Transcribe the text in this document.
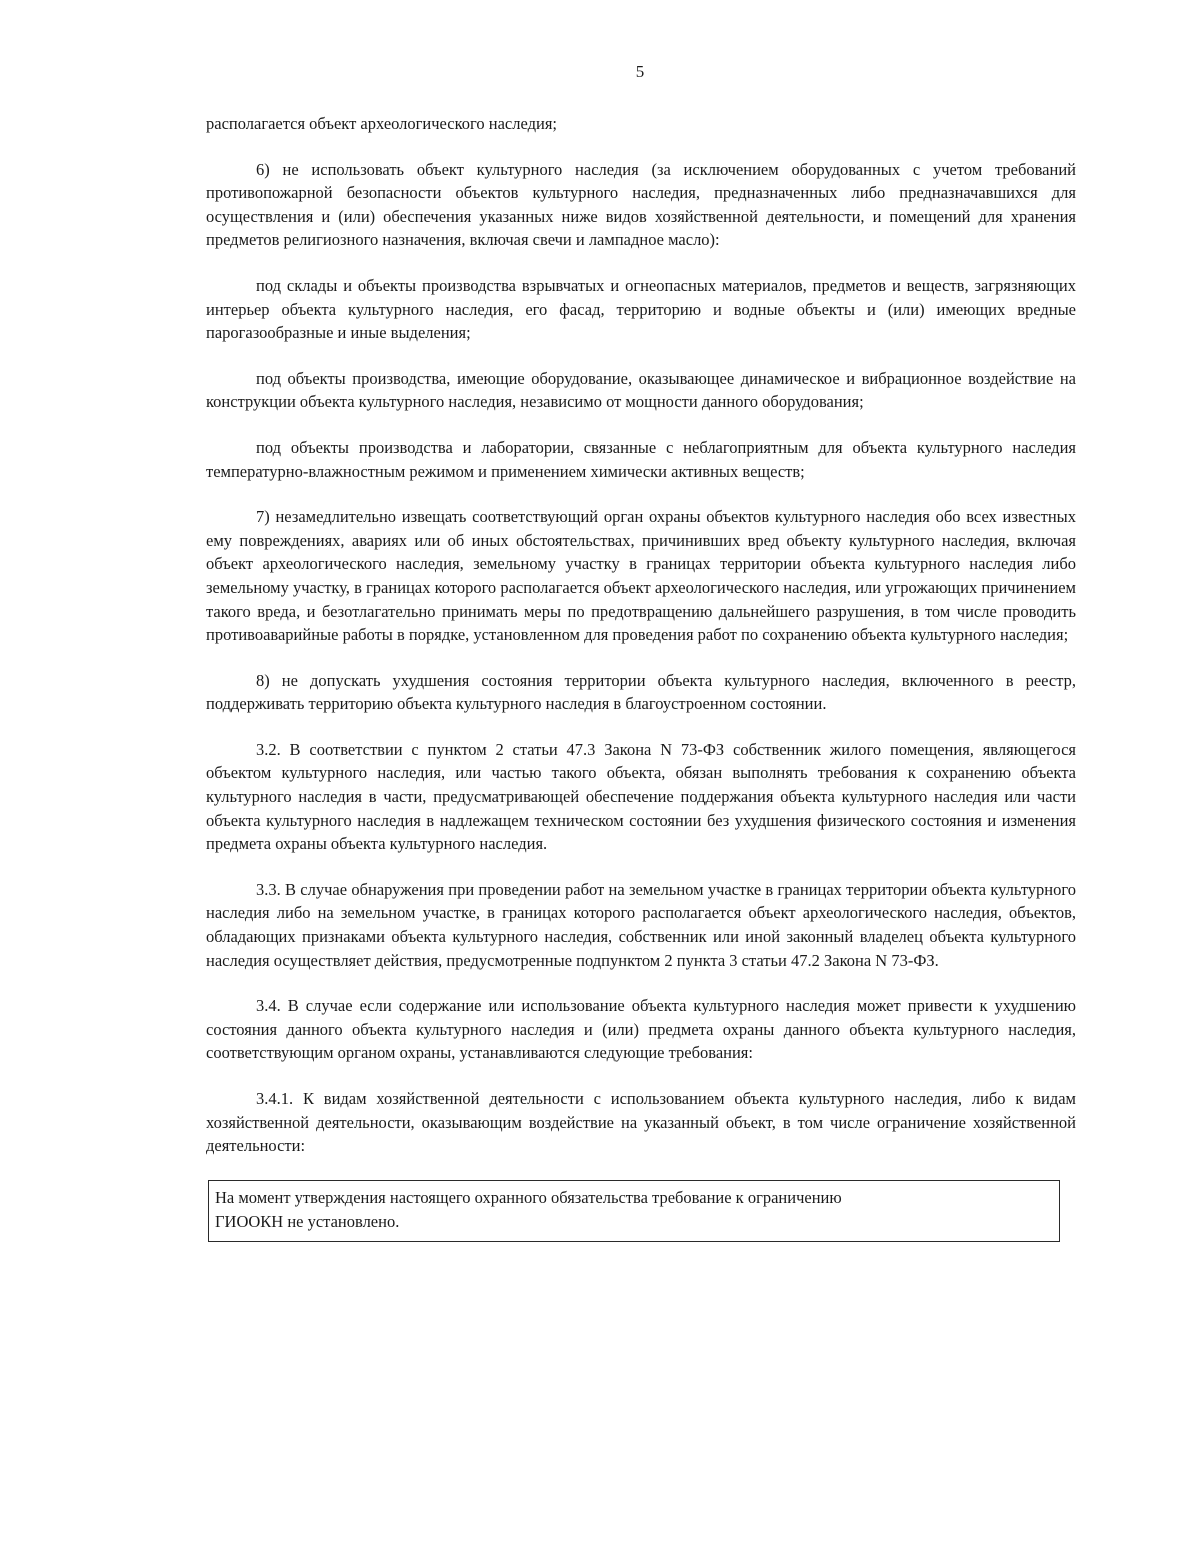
5

располагается объект археологического наследия;

6) не использовать объект культурного наследия (за исключением оборудованных с учетом требований противопожарной безопасности объектов культурного наследия, предназначенных либо предназначавшихся для осуществления и (или) обеспечения указанных ниже видов хозяйственной деятельности, и помещений для хранения предметов религиозного назначения, включая свечи и лампадное масло):

под склады и объекты производства взрывчатых и огнеопасных материалов, предметов и веществ, загрязняющих интерьер объекта культурного наследия, его фасад, территорию и водные объекты и (или) имеющих вредные парогазообразные и иные выделения;

под объекты производства, имеющие оборудование, оказывающее динамическое и вибрационное воздействие на конструкции объекта культурного наследия, независимо от мощности данного оборудования;

под объекты производства и лаборатории, связанные с неблагоприятным для объекта культурного наследия температурно-влажностным режимом и применением химически активных веществ;

7) незамедлительно извещать соответствующий орган охраны объектов культурного наследия обо всех известных ему повреждениях, авариях или об иных обстоятельствах, причинивших вред объекту культурного наследия, включая объект археологического наследия, земельному участку в границах территории объекта культурного наследия либо земельному участку, в границах которого располагается объект археологического наследия, или угрожающих причинением такого вреда, и безотлагательно принимать меры по предотвращению дальнейшего разрушения, в том числе проводить противоаварийные работы в порядке, установленном для проведения работ по сохранению объекта культурного наследия;

8) не допускать ухудшения состояния территории объекта культурного наследия, включенного в реестр, поддерживать территорию объекта культурного наследия в благоустроенном состоянии.

3.2. В соответствии с пунктом 2 статьи 47.3 Закона N 73-ФЗ собственник жилого помещения, являющегося объектом культурного наследия, или частью такого объекта, обязан выполнять требования к сохранению объекта культурного наследия в части, предусматривающей обеспечение поддержания объекта культурного наследия или части объекта культурного наследия в надлежащем техническом состоянии без ухудшения физического состояния и изменения предмета охраны объекта культурного наследия.

3.3. В случае обнаружения при проведении работ на земельном участке в границах территории объекта культурного наследия либо на земельном участке, в границах которого располагается объект археологического наследия, объектов, обладающих признаками объекта культурного наследия, собственник или иной законный владелец объекта культурного наследия осуществляет действия, предусмотренные подпунктом 2 пункта 3 статьи 47.2 Закона N 73-ФЗ.

3.4. В случае если содержание или использование объекта культурного наследия может привести к ухудшению состояния данного объекта культурного наследия и (или) предмета охраны данного объекта культурного наследия, соответствующим органом охраны, устанавливаются следующие требования:

3.4.1. К видам хозяйственной деятельности с использованием объекта культурного наследия, либо к видам хозяйственной деятельности, оказывающим воздействие на указанный объект, в том числе ограничение хозяйственной деятельности:

На момент утверждения настоящего охранного обязательства требование к ограничению
ГИООКН не установлено.
